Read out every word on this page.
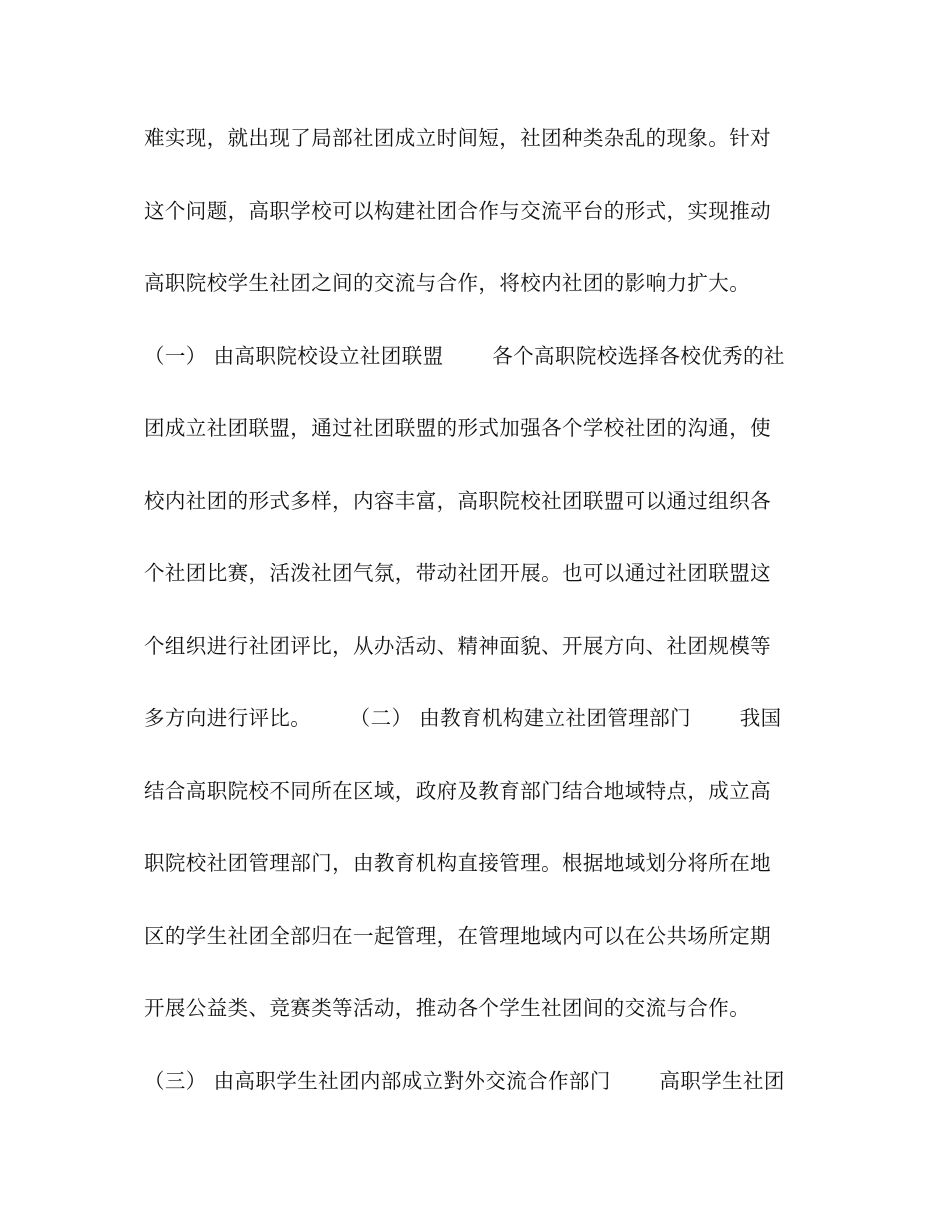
难实现，就出现了局部社团成立时间短，社团种类杂乱的现象。针对
这个问题，高职学校可以构建社团合作与交流平台的形式，实现推动
高职院校学生社团之间的交流与合作，将校内社团的影响力扩大。
（一） 由高职院校设立社团联盟　　 各个高职院校选择各校优秀的社
团成立社团联盟，通过社团联盟的形式加强各个学校社团的沟通，使
校内社团的形式多样，内容丰富，高职院校社团联盟可以通过组织各
个社团比赛，活泼社团气氛，带动社团开展。也可以通过社团联盟这
个组织进行社团评比，从办活动、精神面貌、开展方向、社团规模等
多方向进行评比。　　 （二） 由教育机构建立社团管理部门　　 我国
结合高职院校不同所在区域，政府及教育部门结合地域特点，成立高
职院校社团管理部门，由教育机构直接管理。根据地域划分将所在地
区的学生社团全部归在一起管理，在管理地域内可以在公共场所定期
开展公益类、竞赛类等活动，推动各个学生社团间的交流与合作。
（三） 由高职学生社团内部成立對外交流合作部门　　 高职学生社团
